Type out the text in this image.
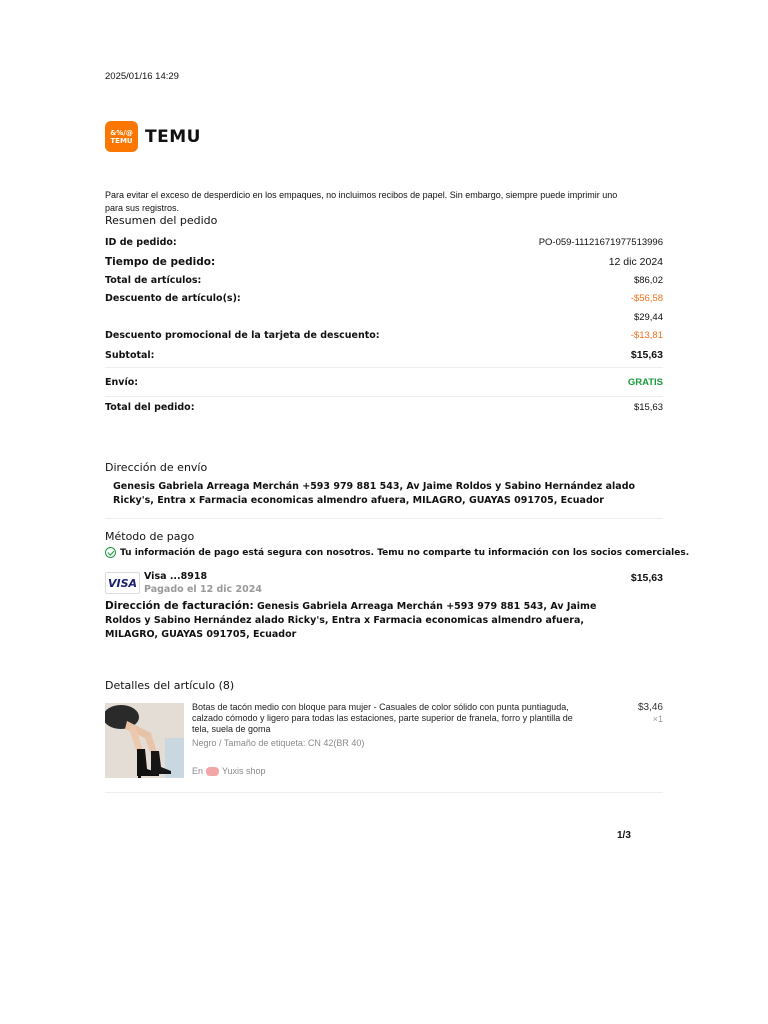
2025/01/16 14:29
&%/@
TEMU TEMU
Para evitar el exceso de desperdicio en los empaques, no incluimos recibos de papel. Sin embargo, siempre puede imprimir uno para sus registros.
Resumen del pedido
ID de pedido:	PO-059-11121671977513996
Tiempo de pedido:	12 dic 2024
Total de artículos:	$86,02
Descuento de artículo(s):	-$56,58
$29,44
Descuento promocional de la tarjeta de descuento:	-$13,81
Subtotal:	$15,63
Envío:	GRATIS
Total del pedido:	$15,63
Dirección de envío
Genesis Gabriela Arreaga Merchán +593 979 881 543, Av Jaime Roldos y Sabino Hernández alado Ricky's, Entra x Farmacia economicas almendro afuera, MILAGRO, GUAYAS 091705, Ecuador
Método de pago
Tu información de pago está segura con nosotros. Temu no comparte tu información con los socios comerciales.
VISA Visa ...8918
Pagado el 12 dic 2024
$15,63
Dirección de facturación: Genesis Gabriela Arreaga Merchán +593 979 881 543, Av Jaime Roldos y Sabino Hernández alado Ricky's, Entra x Farmacia economicas almendro afuera, MILAGRO, GUAYAS 091705, Ecuador
Detalles del artículo (8)
Botas de tacón medio con bloque para mujer - Casuales de color sólido con punta puntiaguda, calzado cómodo y ligero para todas las estaciones, parte superior de franela, forro y plantilla de tela, suela de goma
Negro / Tamaño de etiqueta: CN 42(BR 40)
En Yuxis shop
$3,46
×1
1/3
